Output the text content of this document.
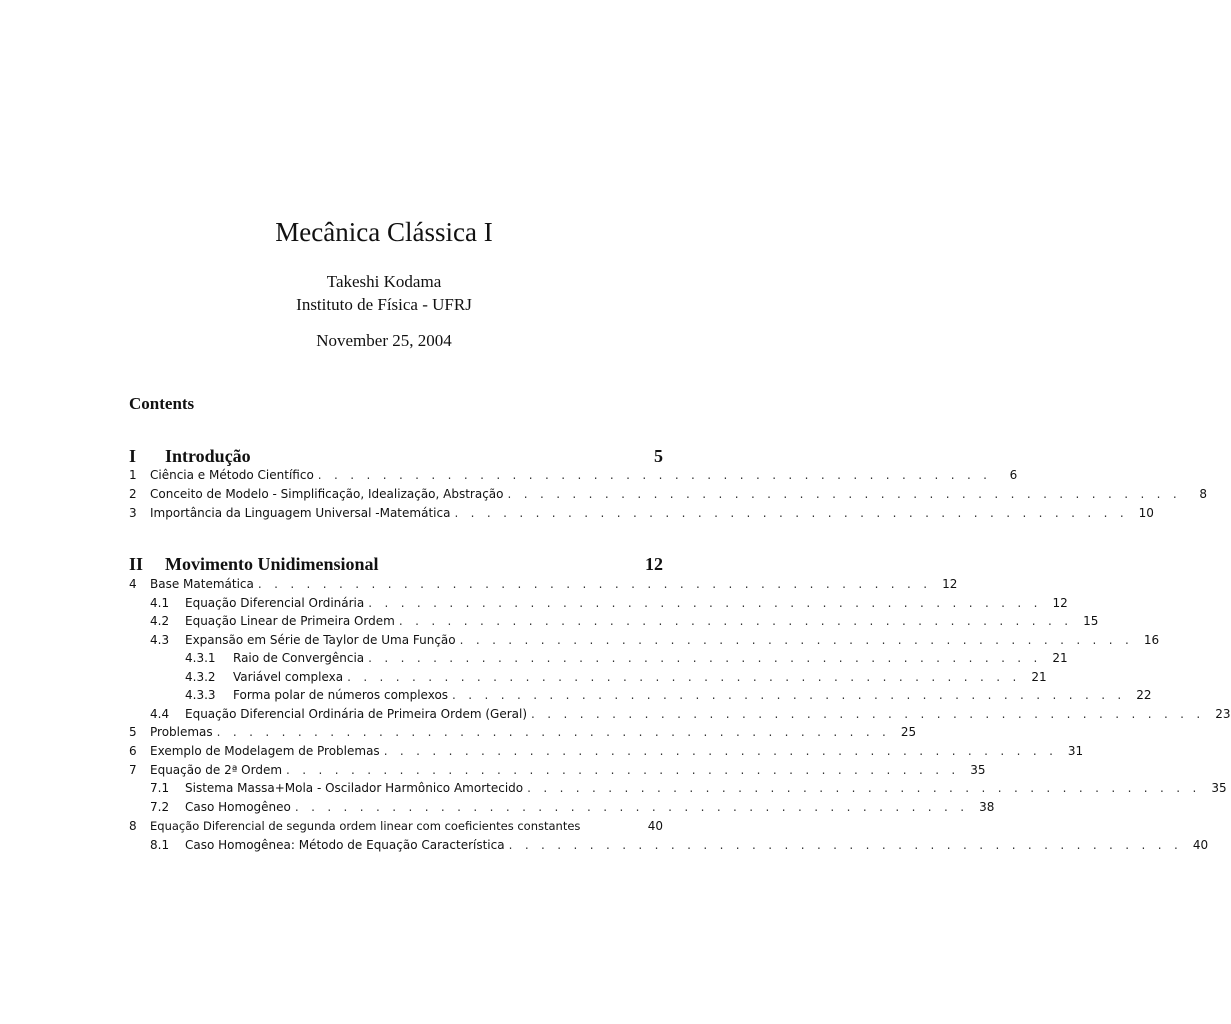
Mecânica Clássica I
Takeshi Kodama
Instituto de Física - UFRJ
November 25, 2004
Contents
I Introdução	5
1	Ciência e Método Científico . . . . . . . . . . . . . . . . . . . . . . . . . . . . . . . . . . . . . . . . . .	6
2	Conceito de Modelo - Simplificação, Idealização, Abstração . . . . . . . . . . . . . . . . . . . . . . . . . . . . . . . . . . . . . . . . . .	8
3	Importância da Linguagem Universal -Matemática . . . . . . . . . . . . . . . . . . . . . . . . . . . . . . . . . . . . . . . . . . 10
II Movimento Unidimensional	12
4	Base Matemática . . . . . . . . . . . . . . . . . . . . . . . . . . . . . . . . . . . . . . . . . . 12
4.1	Equação Diferencial Ordinária . . . . . . . . . . . . . . . . . . . . . . . . . . . . . . . . . . . . . . . . . . 12
4.2	Equação Linear de Primeira Ordem . . . . . . . . . . . . . . . . . . . . . . . . . . . . . . . . . . . . . . . . . . 15
4.3	Expansão em Série de Taylor de Uma Função . . . . . . . . . . . . . . . . . . . . . . . . . . . . . . . . . . . . . . . . . . 16
4.3.1	Raio de Convergência . . . . . . . . . . . . . . . . . . . . . . . . . . . . . . . . . . . . . . . . . . 21
4.3.2	Variável complexa . . . . . . . . . . . . . . . . . . . . . . . . . . . . . . . . . . . . . . . . . . 21
4.3.3	Forma polar de números complexos . . . . . . . . . . . . . . . . . . . . . . . . . . . . . . . . . . . . . . . . . . 22
4.4	Equação Diferencial Ordinária de Primeira Ordem (Geral) . . . . . . . . . . . . . . . . . . . . . . . . . . . . . . . . . . . . . . . . . . 23
5	Problemas . . . . . . . . . . . . . . . . . . . . . . . . . . . . . . . . . . . . . . . . . . 25
6	Exemplo de Modelagem de Problemas . . . . . . . . . . . . . . . . . . . . . . . . . . . . . . . . . . . . . . . . . . 31
7	Equação de 2ª Ordem . . . . . . . . . . . . . . . . . . . . . . . . . . . . . . . . . . . . . . . . . . 35
7.1	Sistema Massa+Mola - Oscilador Harmônico Amortecido . . . . . . . . . . . . . . . . . . . . . . . . . . . . . . . . . . . . . . . . . . 35
7.2	Caso Homogêneo . . . . . . . . . . . . . . . . . . . . . . . . . . . . . . . . . . . . . . . . . . 38
8	Equação Diferencial de segunda ordem linear com coeficientes constantes	40
8.1	Caso Homogênea: Método de Equação Característica . . . . . . . . . . . . . . . . . . . . . . . . . . . . . . . . . . . . . . . . . . 40
